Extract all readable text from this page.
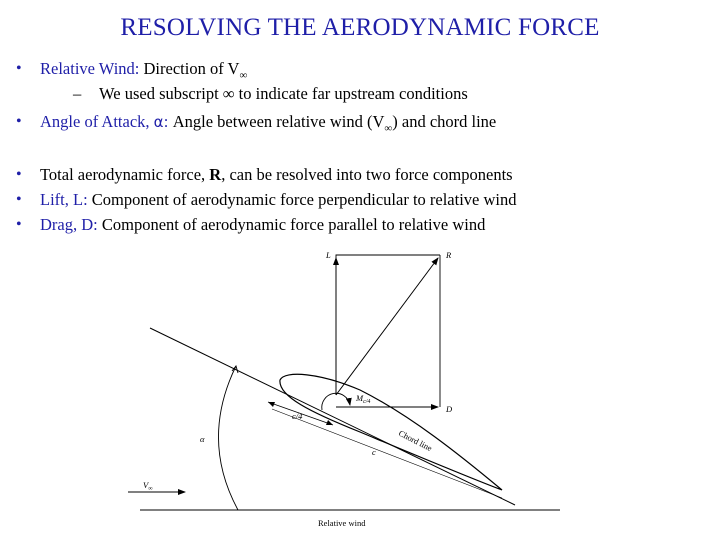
RESOLVING THE AERODYNAMIC FORCE
• Relative Wind: Direction of $V_\infty$
– We used subscript ∞ to indicate far upstream conditions
• Angle of Attack, α: Angle between relative wind $(V_\infty)$ and chord line
• Total aerodynamic force, R, can be resolved into two force components
• Lift, L: Component of aerodynamic force perpendicular to relative wind
• Drag, D: Component of aerodynamic force parallel to relative wind
Relative wind
$V_\infty$
α
c/4
c	Chord line
L	R
D
$M_{c/4}$
